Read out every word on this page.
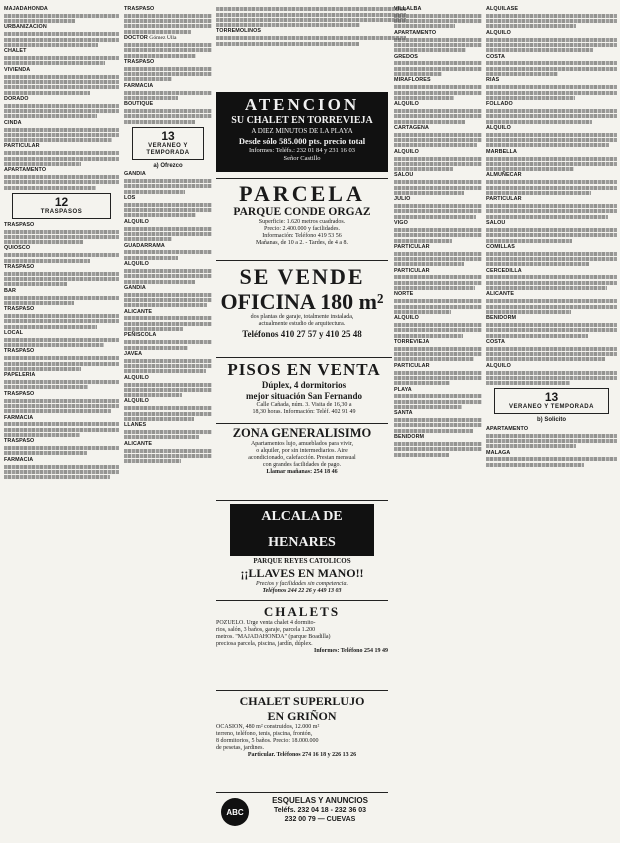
MAJADAHONDA

URBANIZACION

CHALET

VIVIENDA

DORADO

CINDA

PARTICULAR

APARTAMENTO

12
TRASPASOS

TRASPASO

QUIOSCO

TRASPASO

BAR

TRASPASO

LOCAL

TRASPASO

PAPELERIA

TRASPASO

FARMACIA

TRASPASO

FARMACIA

TRASPASO

DOCTOR Gómez Ulla

TRASPASO

FARMACIA

BOUTIQUE

13
VERANEO Y TEMPORADA
a) Ofrezco

GANDIA

LOS

ALQUILO

GUADARRAMA

ALQUILO

GANDIA

ALICANTE

PEÑISCOLA

JAVEA

ALQUILO

ALQUILO

LLANES

ALICANTE

TORREMOLINOS

ATENCION
SU CHALET EN TORREVIEJA
A DIEZ MINUTOS DE LA PLAYA
Desde sólo 585.000 pts. precio total
Informes: Teléfs.: 232 01 84 y 231 16 03
Señor Castillo
PARCELA
PARQUE CONDE ORGAZ
Superficie: 1.620 metros cuadrados.
Precio: 2.400.000 y facilidades.
Información: Teléfono 419 53 56
Mañanas, de 10 a 2. - Tardes, de 4 a 8.
SE VENDE
OFICINA 180 m²
dos plantas de garaje, totalmente instalada,
actualmente estudio de arquitectura.
Teléfonos 410 27 57 y 410 25 48
PISOS EN VENTA
Dúplex, 4 dormitorios
mejor situación San Fernando
Calle Cañada, núm. 3. Visita de 16,30 a
18,30 horas. Información: Teléf. 402 91 49
ZONA GENERALISIMO
Apartamentos lujo, amueblados para vivir,
o alquiler, por sin intermediarios. Aire
acondicionado, calefacción. Prestan mensual
con grandes facilidades de pago.
Llamar mañanas: 254 18 46
ALCALA DE HENARES
PARQUE REYES CATOLICOS
¡¡LLAVES EN MANO!!
Precios y facilidades sin competencia.
Teléfonos 244 22 26 y 449 13 03
CHALETS
POZUELO. Urge venta chalet 4 dormito-
rios, salón, 3 baños, garaje, parcela 1.200
metros. "MAJADAHONDA" (parque Boadilla)
preciosa parcela, piscina, jardín, dúplex.
Informes: Teléfono 254 19 49
CHALET SUPERLUJO
EN GRIÑON
OCASION, 480 m² construidos, 12.000 m²
terreno, teléfono, tenis, piscina, frontón,
8 dormitorios, 5 baños. Precio: 18.000.000
de pesetas, jardines.
Particular. Teléfonos 274 16 18 y 226 13 26
ABC
ESQUELAS Y ANUNCIOS
Teléfs. 232 04 18 - 232 36 03
232 00 79 — CUEVAS

VILLALBA

APARTAMENTO

GREDOS

MIRAFLORES

ALQUILO

CARTAGENA

ALQUILO

SALOU

JULIO

VIGO

PARTICULAR

PARTICULAR

NORTE

ALQUILO

TORREVIEJA

PARTICULAR

PLAYA

SANTA

BENIDORM

ALQUILASE

ALQUILO

COSTA

RIAS

FOLLADO

ALQUILO

MARBELLA

ALMUÑECAR

PARTICULAR

SALOU

COMILLAS

CERCEDILLA

ALICANTE

BENIDORM

COSTA

ALQUILO

13
VERANEO Y TEMPORADA
b) Solicito

APARTAMENTO

MALAGA
